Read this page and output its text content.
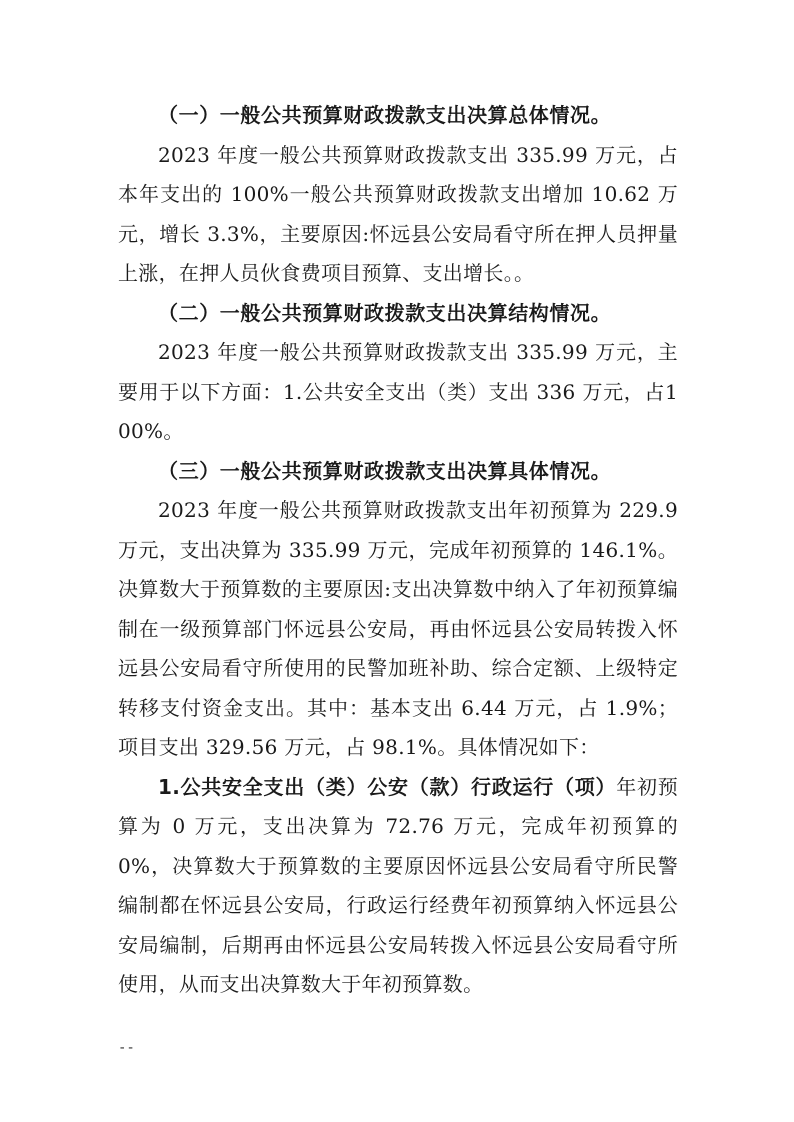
（一）一般公共预算财政拨款支出决算总体情况。

2023 年度一般公共预算财政拨款支出 335.99 万元，占本年支出的 100%一般公共预算财政拨款支出增加 10.62 万元，增长 3.3%，主要原因:怀远县公安局看守所在押人员押量上涨，在押人员伙食费项目预算、支出增长。。

（二）一般公共预算财政拨款支出决算结构情况。

2023 年度一般公共预算财政拨款支出 335.99 万元，主要用于以下方面：1.公共安全支出（类）支出 336 万元，占100%。

（三）一般公共预算财政拨款支出决算具体情况。

2023 年度一般公共预算财政拨款支出年初预算为 229.9万元，支出决算为 335.99 万元，完成年初预算的 146.1%。决算数大于预算数的主要原因:支出决算数中纳入了年初预算编制在一级预算部门怀远县公安局，再由怀远县公安局转拨入怀远县公安局看守所使用的民警加班补助、综合定额、上级特定转移支付资金支出。其中：基本支出 6.44 万元，占 1.9%；项目支出 329.56 万元，占 98.1%。具体情况如下：

1.公共安全支出（类）公安（款）行政运行（项）年初预算为 0 万元，支出决算为 72.76 万元，完成年初预算的 0%，决算数大于预算数的主要原因怀远县公安局看守所民警编制都在怀远县公安局，行政运行经费年初预算纳入怀远县公安局编制，后期再由怀远县公安局转拨入怀远县公安局看守所使用，从而支出决算数大于年初预算数。

--
